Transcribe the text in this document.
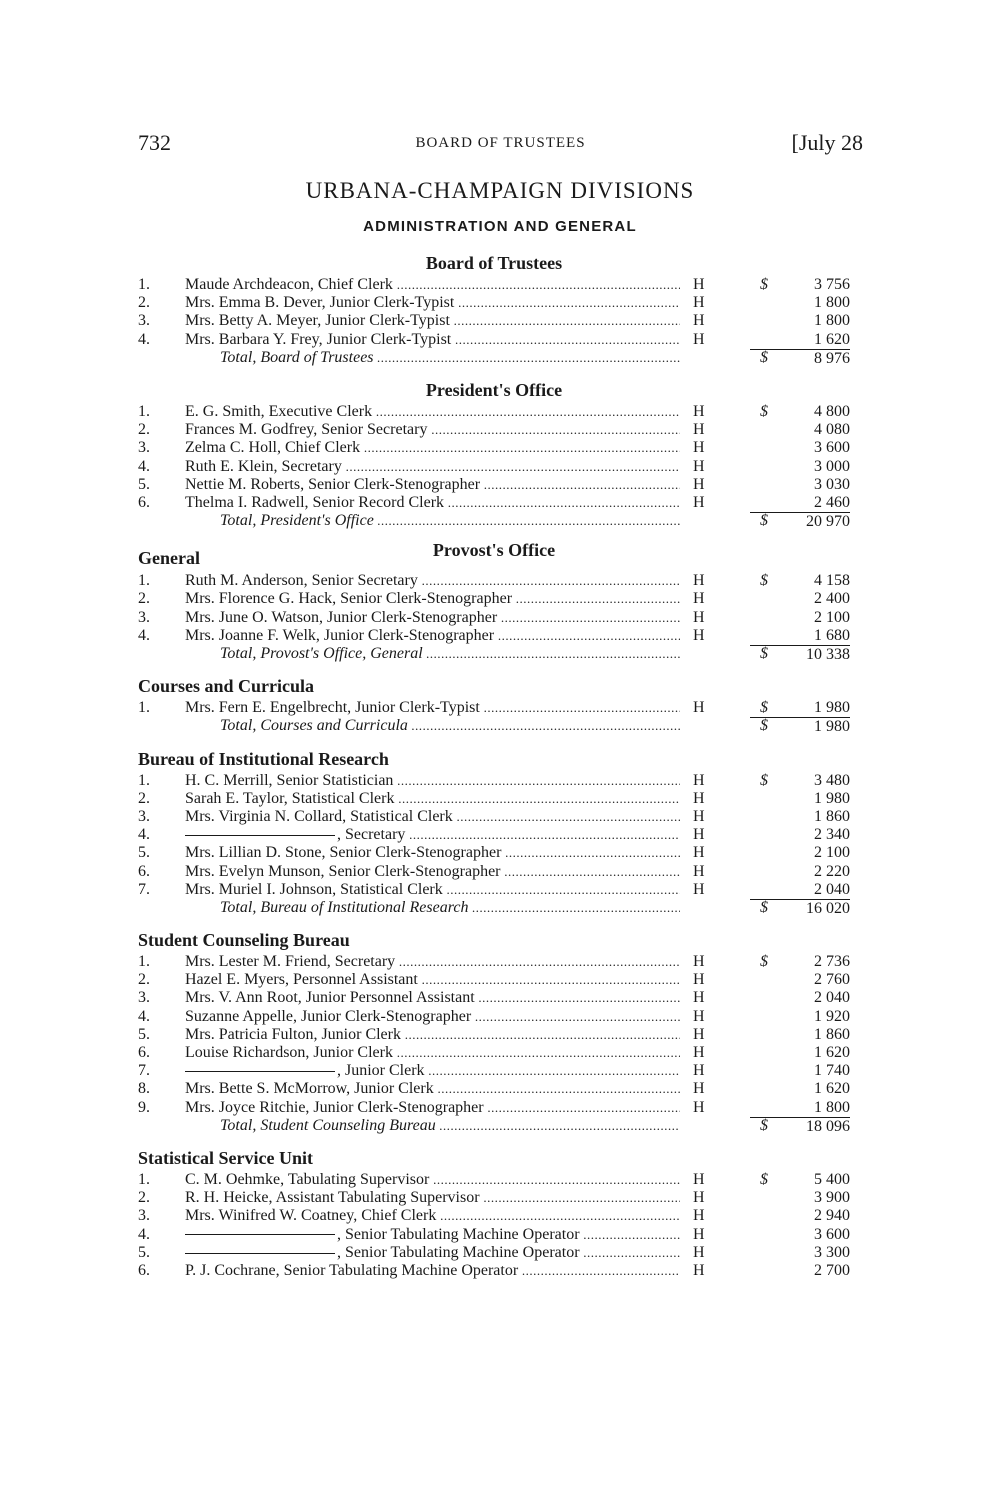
732	BOARD OF TRUSTEES	[July 28
URBANA-CHAMPAIGN DIVISIONS
ADMINISTRATION AND GENERAL
Board of Trustees
1.	Maude Archdeacon, Chief Clerk .....	H	$	3 756
2.	Mrs. Emma B. Dever, Junior Clerk-Typist .....	H	1 800
3.	Mrs. Betty A. Meyer, Junior Clerk-Typist .....	H	1 800
4.	Mrs. Barbara Y. Frey, Junior Clerk-Typist .....	H	1 620
Total, Board of Trustees .....	$	8 976
President's Office
1.	E. G. Smith, Executive Clerk .....	H	$	4 800
2.	Frances M. Godfrey, Senior Secretary .....	H	4 080
3.	Zelma C. Holl, Chief Clerk .....	H	3 600
4.	Ruth E. Klein, Secretary .....	H	3 000
5.	Nettie M. Roberts, Senior Clerk-Stenographer .....	H	3 030
6.	Thelma I. Radwell, Senior Record Clerk .....	H	2 460
Total, President's Office .....	$	20 970
General	Provost's Office
1.	Ruth M. Anderson, Senior Secretary .....	H	$	4 158
2.	Mrs. Florence G. Hack, Senior Clerk-Stenographer .....	H	2 400
3.	Mrs. June O. Watson, Junior Clerk-Stenographer .....	H	2 100
4.	Mrs. Joanne F. Welk, Junior Clerk-Stenographer .....	H	1 680
Total, Provost's Office, General .....	$	10 338
Courses and Curricula
1.	Mrs. Fern E. Engelbrecht, Junior Clerk-Typist .....	H	$	1 980
Total, Courses and Curricula .....	$	1 980
Bureau of Institutional Research
1.	H. C. Merrill, Senior Statistician .....	H	$	3 480
2.	Sarah E. Taylor, Statistical Clerk .....	H	1 980
3.	Mrs. Virginia N. Collard, Statistical Clerk .....	H	1 860
4.	, Secretary .....	H	2 340
5.	Mrs. Lillian D. Stone, Senior Clerk-Stenographer .....	H	2 100
6.	Mrs. Evelyn Munson, Senior Clerk-Stenographer .....	H	2 220
7.	Mrs. Muriel I. Johnson, Statistical Clerk .....	H	2 040
Total, Bureau of Institutional Research .....	$	16 020
Student Counseling Bureau
1.	Mrs. Lester M. Friend, Secretary .....	H	$	2 736
2.	Hazel E. Myers, Personnel Assistant .....	H	2 760
3.	Mrs. V. Ann Root, Junior Personnel Assistant .....	H	2 040
4.	Suzanne Appelle, Junior Clerk-Stenographer .....	H	1 920
5.	Mrs. Patricia Fulton, Junior Clerk .....	H	1 860
6.	Louise Richardson, Junior Clerk .....	H	1 620
7.	, Junior Clerk .....	H	1 740
8.	Mrs. Bette S. McMorrow, Junior Clerk .....	H	1 620
9.	Mrs. Joyce Ritchie, Junior Clerk-Stenographer .....	H	1 800
Total, Student Counseling Bureau .....	$	18 096
Statistical Service Unit
1.	C. M. Oehmke, Tabulating Supervisor .....	H	$	5 400
2.	R. H. Heicke, Assistant Tabulating Supervisor .....	H	3 900
3.	Mrs. Winifred W. Coatney, Chief Clerk .....	H	2 940
4.	, Senior Tabulating Machine Operator .....	H	3 600
5.	, Senior Tabulating Machine Operator .....	H	3 300
6.	P. J. Cochrane, Senior Tabulating Machine Operator .....	H	2 700
